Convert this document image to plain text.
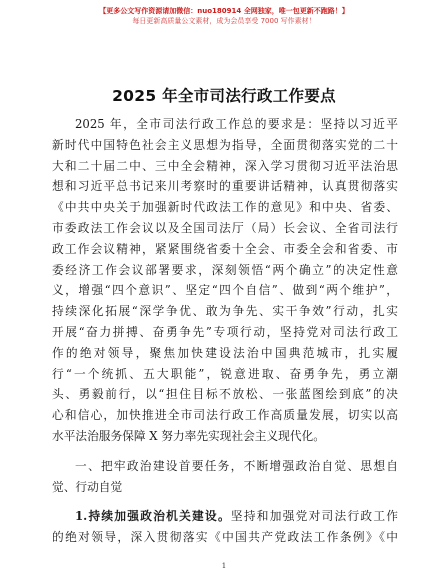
【更多公文写作资源请加微信：nuo180914 全网独家，唯一包更新不跑路！】
每日更新高质量公文素材，成为会员享受 7000 写作素材！
2025 年全市司法行政工作要点
2025 年，全市司法行政工作总的要求是：坚持以习近平
新时代中国特色社会主义思想为指导，全面贯彻落实党的二十
大和二十届二中、三中全会精神，深入学习贯彻习近平法治思
想和习近平总书记来川考察时的重要讲话精神，认真贯彻落实
《中共中央关于加强新时代政法工作的意见》和中央、省委、
市委政法工作会议以及全国司法厅（局）长会议、全省司法行
政工作会议精神，紧紧围绕省委十全会、市委全会和省委、市
委经济工作会议部署要求，深刻领悟“两个确立”的决定性意
义，增强“四个意识”、坚定“四个自信”、做到“两个维护”，
持续深化拓展“深学争优、敢为争先、实干争效”行动，扎实
开展“奋力拼搏、奋勇争先”专项行动，坚持党对司法行政工
作的绝对领导，聚焦加快建设法治中国典范城市，扎实履
行“一个统抓、五大职能”，锐意进取、奋勇争先，勇立潮
头、勇毅前行，以“担住目标不放松、一张蓝图绘到底”的决
心和信心，加快推进全市司法行政工作高质量发展，切实以高
水平法治服务保障 X 努力率先实现社会主义现代化。
一、把牢政治建设首要任务，不断增强政治自觉、思想自
觉、行动自觉
1.持续加强政治机关建设。坚持和加强党对司法行政工作
的绝对领导，深入贯彻落实《中国共产党政法工作条例》《中
1
